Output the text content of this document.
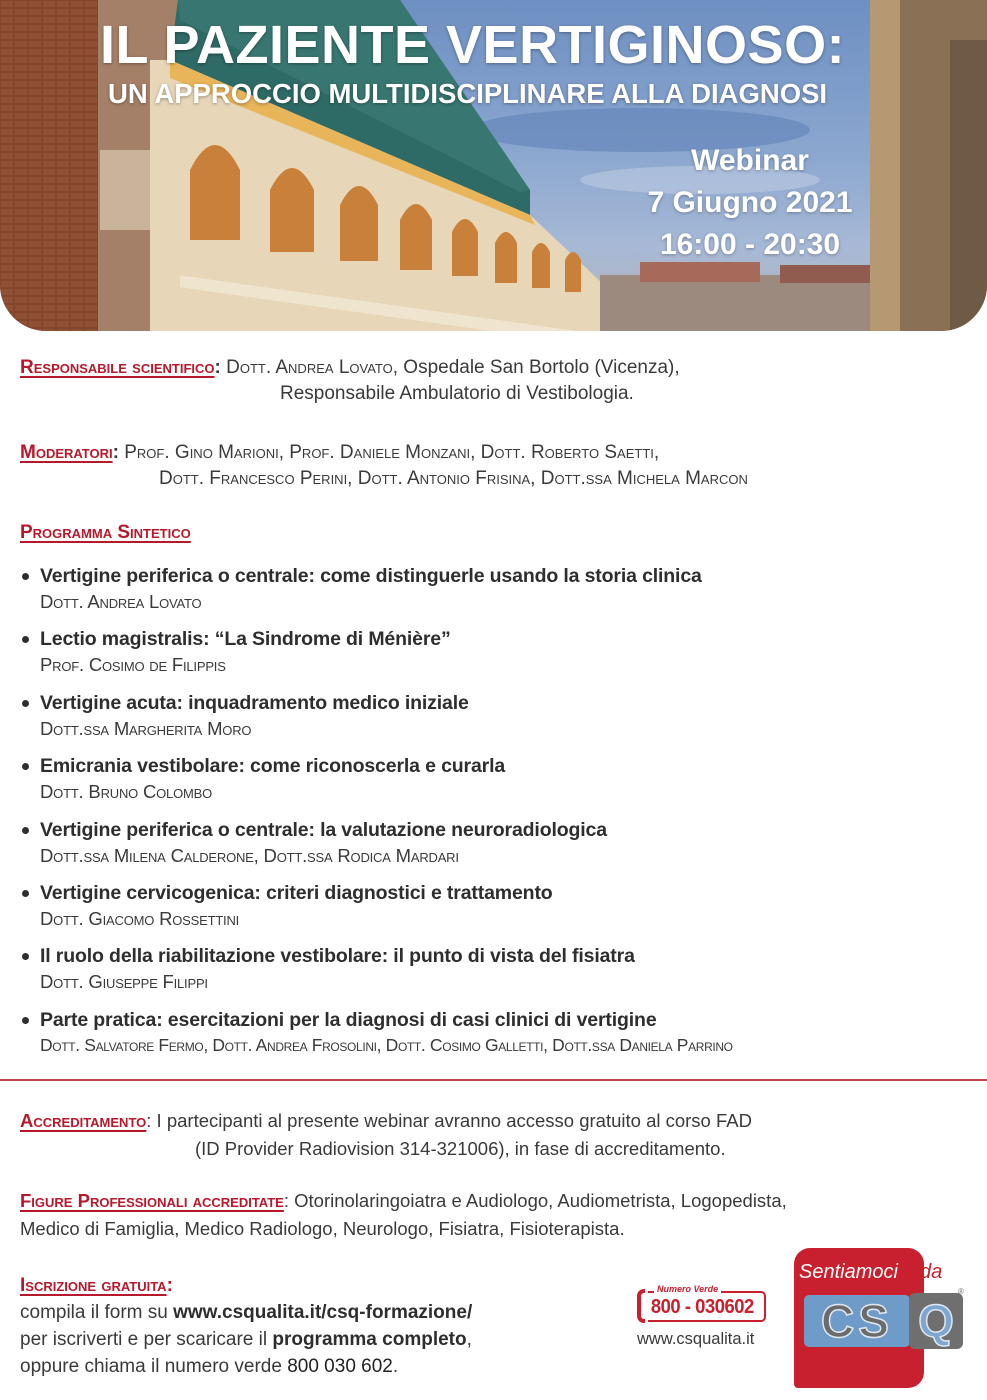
IL PAZIENTE VERTIGINOSO:
UN APPROCCIO MULTIDISCIPLINARE ALLA DIAGNOSI
Webinar
7 Giugno 2021
16:00 - 20:30
Responsabile scientifico: Dott. Andrea Lovato, Ospedale San Bortolo (Vicenza),
Responsabile Ambulatorio di Vestibologia.
Moderatori: Prof. Gino Marioni, Prof. Daniele Monzani, Dott. Roberto Saetti,
Dott. Francesco Perini, Dott. Antonio Frisina, Dott.ssa Michela Marcon
Programma Sintetico
Vertigine periferica o centrale: come distinguerle usando la storia clinica
Dott. Andrea Lovato
Lectio magistralis: “La Sindrome di Ménière”
Prof. Cosimo de Filippis
Vertigine acuta: inquadramento medico iniziale
Dott.ssa Margherita Moro
Emicrania vestibolare: come riconoscerla e curarla
Dott. Bruno Colombo
Vertigine periferica o centrale: la valutazione neuroradiologica
Dott.ssa Milena Calderone, Dott.ssa Rodica Mardari
Vertigine cervicogenica: criteri diagnostici e trattamento
Dott. Giacomo Rossettini
Il ruolo della riabilitazione vestibolare: il punto di vista del fisiatra
Dott. Giuseppe Filippi
Parte pratica: esercitazioni per la diagnosi di casi clinici di vertigine
Dott. Salvatore Fermo, Dott. Andrea Frosolini, Dott. Cosimo Galletti, Dott.ssa Daniela Parrino
Accreditamento: I partecipanti al presente webinar avranno accesso gratuito al corso FAD
(ID Provider Radiovision 314-321006), in fase di accreditamento.
Figure Professionali accreditate: Otorinolaringoiatra e Audiologo, Audiometrista, Logopedista,
Medico di Famiglia, Medico Radiologo, Neurologo, Fisiatra, Fisioterapista.
Iscrizione gratuita:
compila il form su www.csqualita.it/csq-formazione/
per iscriverti e per scaricare il programma completo,
oppure chiama il numero verde 800 030 602.
Numero Verde
800 - 030602
www.csqualita.it
Sentiamoci da
CS Q
®
